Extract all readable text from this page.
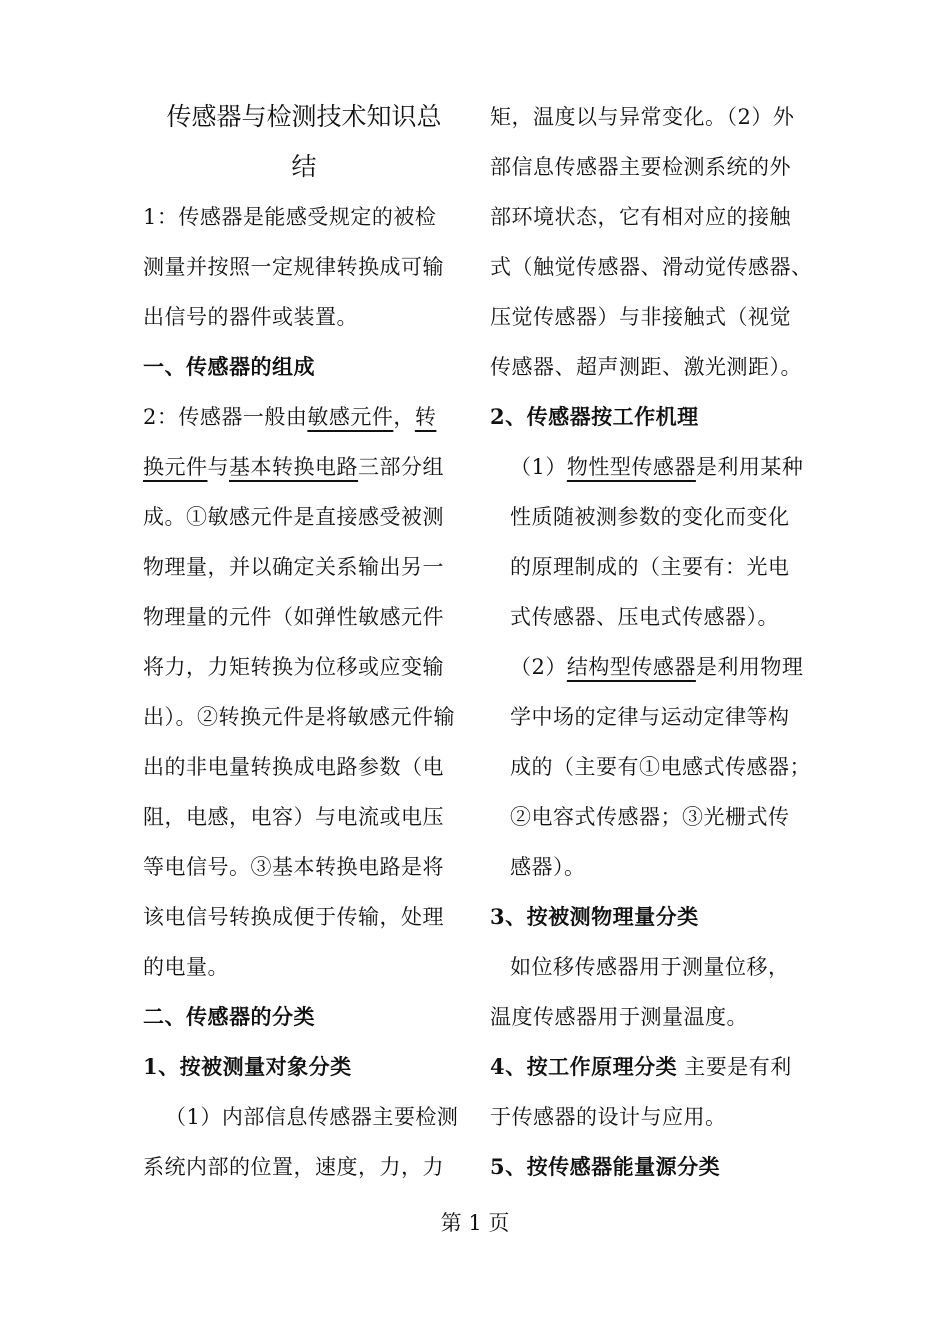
传感器与检测技术知识总
结
1：传感器是能感受规定的被检
测量并按照一定规律转换成可输
出信号的器件或装置。
一、传感器的组成
2：传感器一般由敏感元件，转
换元件与基本转换电路三部分组
成。①敏感元件是直接感受被测
物理量，并以确定关系输出另一
物理量的元件（如弹性敏感元件
将力，力矩转换为位移或应变输
出）。②转换元件是将敏感元件输
出的非电量转换成电路参数（电
阻，电感，电容）与电流或电压
等电信号。③基本转换电路是将
该电信号转换成便于传输，处理
的电量。
二、传感器的分类
1、按被测量对象分类
（1）内部信息传感器主要检测
系统内部的位置，速度，力，力
矩，温度以与异常变化。（2）外
部信息传感器主要检测系统的外
部环境状态，它有相对应的接触
式（触觉传感器、滑动觉传感器、
压觉传感器）与非接触式（视觉
传感器、超声测距、激光测距）。
2、传感器按工作机理
（1）物性型传感器是利用某种
性质随被测参数的变化而变化
的原理制成的（主要有：光电
式传感器、压电式传感器）。
（2）结构型传感器是利用物理
学中场的定律与运动定律等构
成的（主要有①电感式传感器；
②电容式传感器；③光栅式传
感器）。
3、按被测物理量分类
如位移传感器用于测量位移，
温度传感器用于测量温度。
4、按工作原理分类 主要是有利
于传感器的设计与应用。
5、按传感器能量源分类
第 1 页
